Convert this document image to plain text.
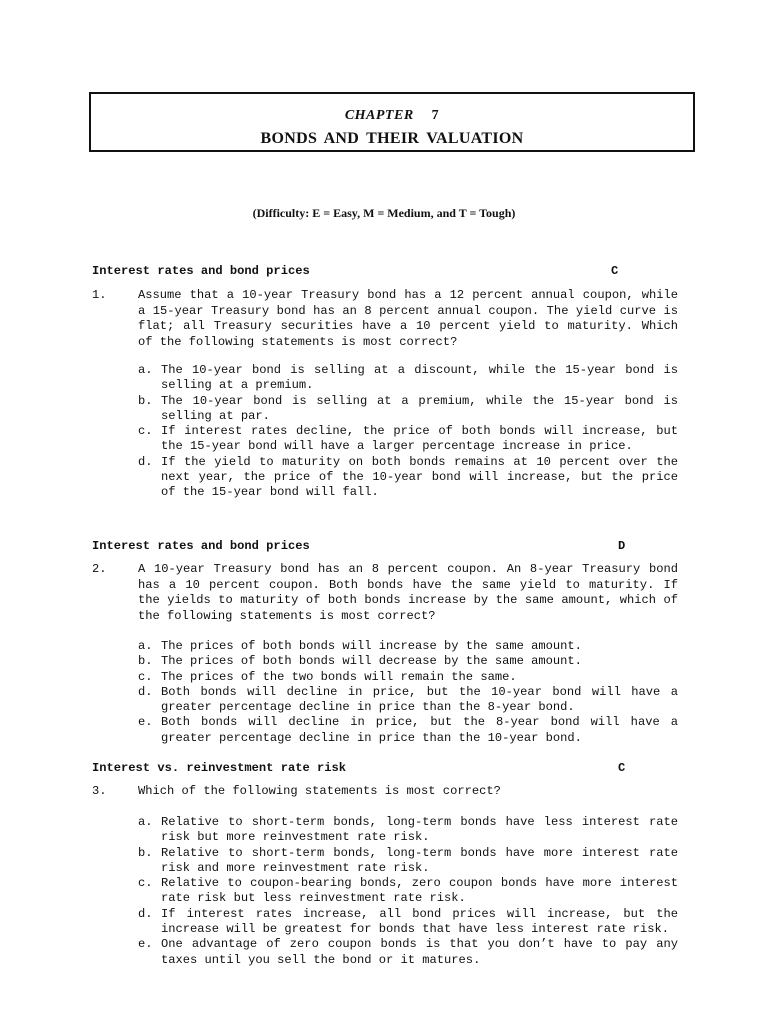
CHAPTER 7
BONDS AND THEIR VALUATION
(Difficulty: E = Easy, M = Medium, and T = Tough)
Interest rates and bond prices	C
1.	Assume that a 10-year Treasury bond has a 12 percent annual coupon, while a 15-year Treasury bond has an 8 percent annual coupon. The yield curve is flat; all Treasury securities have a 10 percent yield to maturity. Which of the following statements is most correct?
a. The 10-year bond is selling at a discount, while the 15-year bond is selling at a premium.
b. The 10-year bond is selling at a premium, while the 15-year bond is selling at par.
c. If interest rates decline, the price of both bonds will increase, but the 15-year bond will have a larger percentage increase in price.
d. If the yield to maturity on both bonds remains at 10 percent over the next year, the price of the 10-year bond will increase, but the price of the 15-year bond will fall.
Interest rates and bond prices	D
2.	A 10-year Treasury bond has an 8 percent coupon. An 8-year Treasury bond has a 10 percent coupon. Both bonds have the same yield to maturity. If the yields to maturity of both bonds increase by the same amount, which of the following statements is most correct?
a. The prices of both bonds will increase by the same amount.
b. The prices of both bonds will decrease by the same amount.
c. The prices of the two bonds will remain the same.
d. Both bonds will decline in price, but the 10-year bond will have a greater percentage decline in price than the 8-year bond.
e. Both bonds will decline in price, but the 8-year bond will have a greater percentage decline in price than the 10-year bond.
Interest vs. reinvestment rate risk	C
3.	Which of the following statements is most correct?
a. Relative to short-term bonds, long-term bonds have less interest rate risk but more reinvestment rate risk.
b. Relative to short-term bonds, long-term bonds have more interest rate risk and more reinvestment rate risk.
c. Relative to coupon-bearing bonds, zero coupon bonds have more interest rate risk but less reinvestment rate risk.
d. If interest rates increase, all bond prices will increase, but the increase will be greatest for bonds that have less interest rate risk.
e. One advantage of zero coupon bonds is that you don’t have to pay any taxes until you sell the bond or it matures.
